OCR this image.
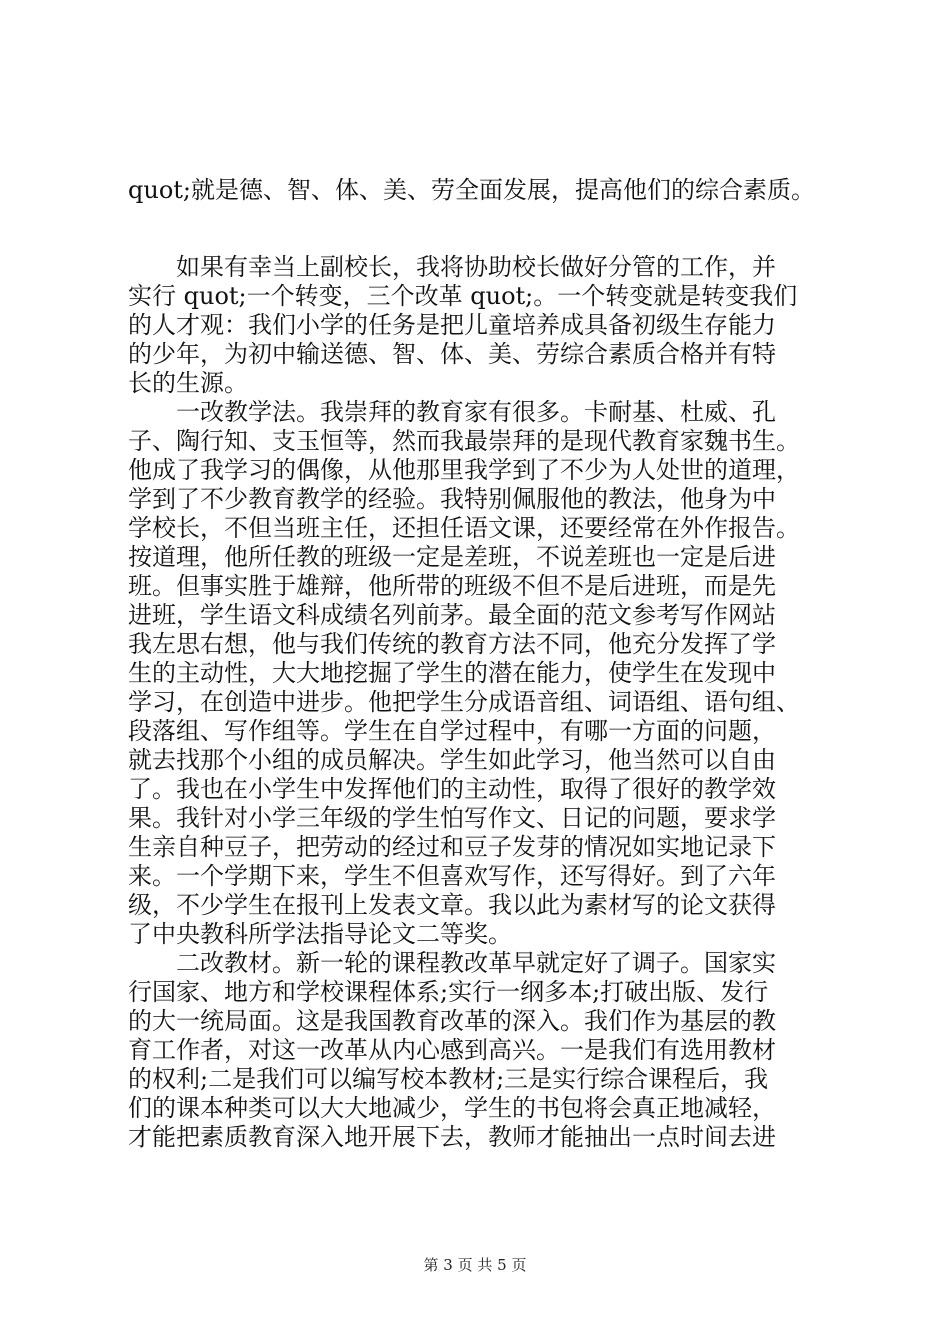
quot;就是德、智、体、美、劳全面发展，提高他们的综合素质。
　　如果有幸当上副校长，我将协助校长做好分管的工作，并
实行 quot;一个转变，三个改革 quot;。一个转变就是转变我们
的人才观：我们小学的任务是把儿童培养成具备初级生存能力
的少年，为初中输送德、智、体、美、劳综合素质合格并有特
长的生源。
　　一改教学法。我崇拜的教育家有很多。卡耐基、杜威、孔
子、陶行知、支玉恒等，然而我最崇拜的是现代教育家魏书生。
他成了我学习的偶像，从他那里我学到了不少为人处世的道理，
学到了不少教育教学的经验。我特别佩服他的教法，他身为中
学校长，不但当班主任，还担任语文课，还要经常在外作报告。
按道理，他所任教的班级一定是差班，不说差班也一定是后进
班。但事实胜于雄辩，他所带的班级不但不是后进班，而是先
进班，学生语文科成绩名列前茅。最全面的范文参考写作网站
我左思右想，他与我们传统的教育方法不同，他充分发挥了学
生的主动性，大大地挖掘了学生的潜在能力，使学生在发现中
学习，在创造中进步。他把学生分成语音组、词语组、语句组、
段落组、写作组等。学生在自学过程中，有哪一方面的问题，
就去找那个小组的成员解决。学生如此学习，他当然可以自由
了。我也在小学生中发挥他们的主动性，取得了很好的教学效
果。我针对小学三年级的学生怕写作文、日记的问题，要求学
生亲自种豆子，把劳动的经过和豆子发芽的情况如实地记录下
来。一个学期下来，学生不但喜欢写作，还写得好。到了六年
级，不少学生在报刊上发表文章。我以此为素材写的论文获得
了中央教科所学法指导论文二等奖。
　　二改教材。新一轮的课程教改革早就定好了调子。国家实
行国家、地方和学校课程体系;实行一纲多本;打破出版、发行
的大一统局面。这是我国教育改革的深入。我们作为基层的教
育工作者，对这一改革从内心感到高兴。一是我们有选用教材
的权利;二是我们可以编写校本教材;三是实行综合课程后，我
们的课本种类可以大大地减少，学生的书包将会真正地减轻，
才能把素质教育深入地开展下去，教师才能抽出一点时间去进
第 3 页 共 5 页
